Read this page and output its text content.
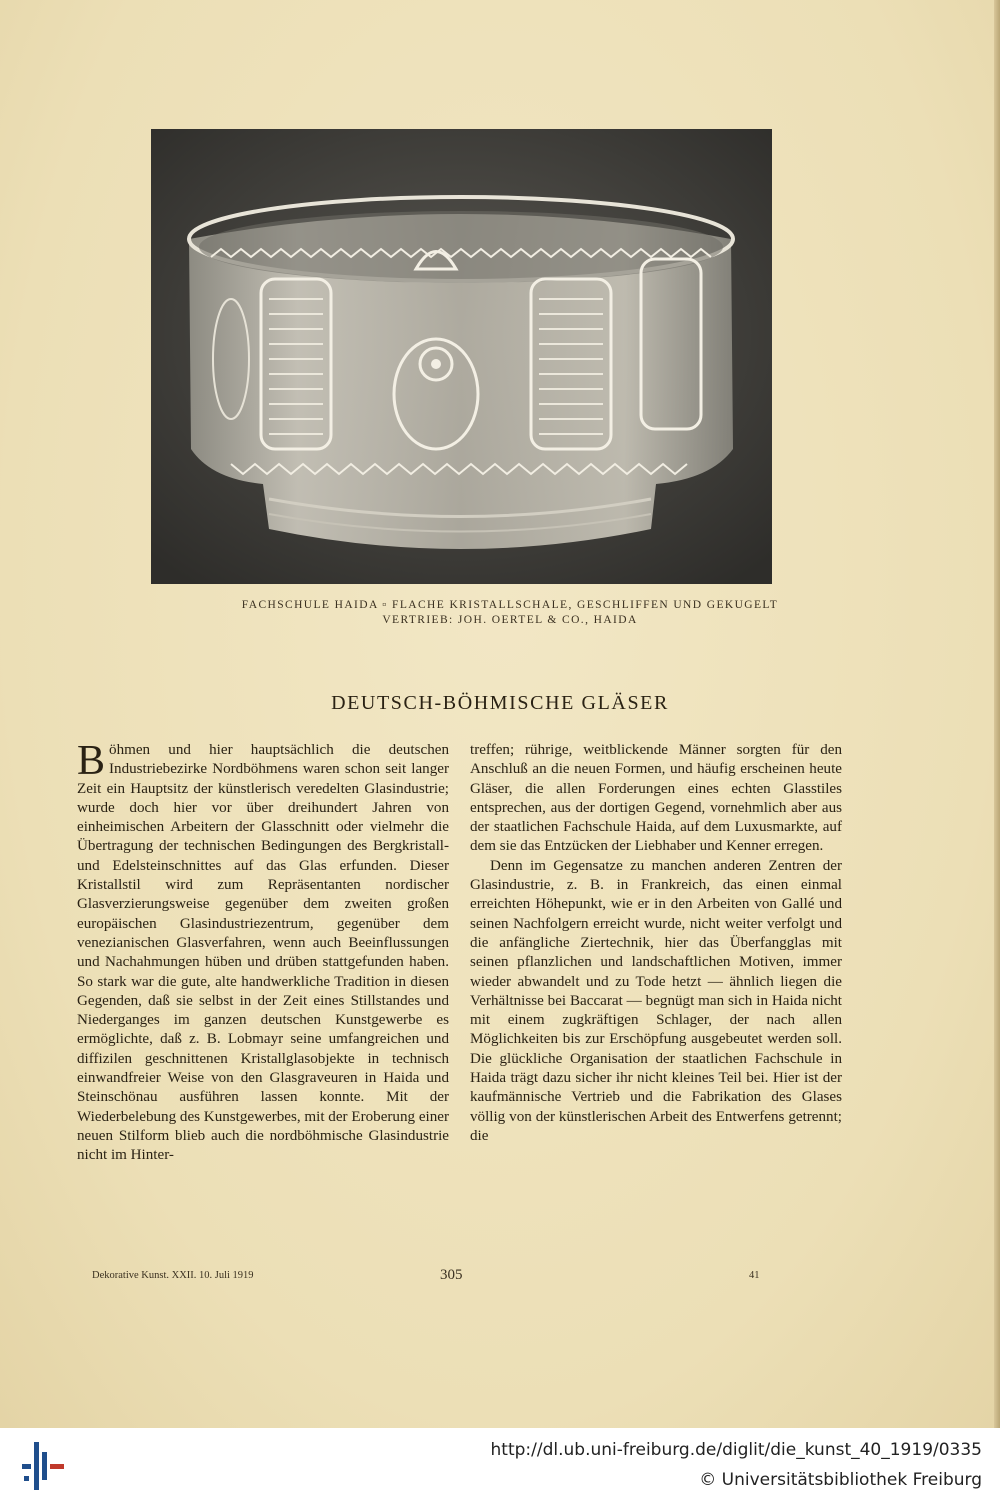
FACHSCHULE HAIDA ▫ FLACHE KRISTALLSCHALE, GESCHLIFFEN UND GEKUGELT
VERTRIEB: JOH. OERTEL & CO., HAIDA
DEUTSCH-BÖHMISCHE GLÄSER

Böhmen und hier hauptsächlich die deutschen Industriebezirke Nordböhmens waren schon seit langer Zeit ein Hauptsitz der künstlerisch veredelten Glasindustrie; wurde doch hier vor über dreihundert Jahren von einheimischen Arbeitern der Glasschnitt oder vielmehr die Übertragung der technischen Bedingungen des Bergkristall- und Edelsteinschnittes auf das Glas erfunden. Dieser Kristallstil wird zum Repräsentanten nordischer Glasverzierungsweise gegenüber dem zweiten großen europäischen Glasindustriezentrum, gegenüber dem venezianischen Glasverfahren, wenn auch Beeinflussungen und Nachahmungen hüben und drüben stattgefunden haben. So stark war die gute, alte handwerkliche Tradition in diesen Gegenden, daß sie selbst in der Zeit eines Stillstandes und Niederganges im ganzen deutschen Kunstgewerbe es ermöglichte, daß z. B. Lobmayr seine umfangreichen und diffizilen geschnittenen Kristallglasobjekte in technisch einwandfreier Weise von den Glasgraveuren in Haida und Steinschönau ausführen lassen konnte. Mit der Wiederbelebung des Kunstgewerbes, mit der Eroberung einer neuen Stilform blieb auch die nordböhmische Glasindustrie nicht im Hinter-

treffen; rührige, weitblickende Männer sorgten für den Anschluß an die neuen Formen, und häufig erscheinen heute Gläser, die allen Forderungen eines echten Glasstiles entsprechen, aus der dortigen Gegend, vornehmlich aber aus der staatlichen Fachschule Haida, auf dem Luxusmarkte, auf dem sie das Entzücken der Liebhaber und Kenner erregen.

Denn im Gegensatze zu manchen anderen Zentren der Glasindustrie, z. B. in Frankreich, das einen einmal erreichten Höhepunkt, wie er in den Arbeiten von Gallé und seinen Nachfolgern erreicht wurde, nicht weiter verfolgt und die anfängliche Ziertechnik, hier das Überfangglas mit seinen pflanzlichen und landschaftlichen Motiven, immer wieder abwandelt und zu Tode hetzt — ähnlich liegen die Verhältnisse bei Baccarat — begnügt man sich in Haida nicht mit einem zugkräftigen Schlager, der nach allen Möglichkeiten bis zur Erschöpfung ausgebeutet werden soll. Die glückliche Organisation der staatlichen Fachschule in Haida trägt dazu sicher ihr nicht kleines Teil bei. Hier ist der kaufmännische Vertrieb und die Fabrikation des Glases völlig von der künstlerischen Arbeit des Entwerfens getrennt; die

Dekorative Kunst. XXII. 10. Juli 1919	305	41
http://dl.ub.uni-freiburg.de/diglit/die_kunst_40_1919/0335
© Universitätsbibliothek Freiburg
